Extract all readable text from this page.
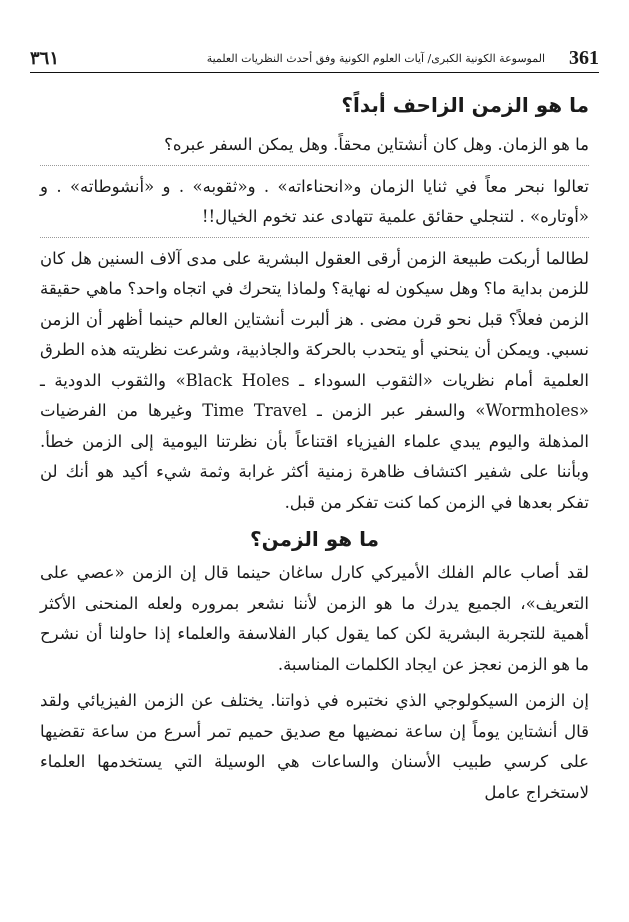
٣٦١	361
الموسوعة الكونية الكبرى/ آيات العلوم الكونية وفق أحدث النظريات العلمية
ما هو الزمن الزاحف أبداً؟
ما هو الزمان. وهل كان أنشتاين محقاً. وهل يمكن السفر عبره؟
تعالوا نبحر معاً في ثنايا الزمان و«انحناءاته» . و«ثقوبه» . و «أنشوطاته» . و «أوتاره» . لتنجلي حقائق علمية تتهادى عند تخوم الخيال!!
لطالما أربكت طبيعة الزمن أرقى العقول البشرية على مدى آلاف السنين هل كان للزمن بداية ما؟ وهل سيكون له نهاية؟ ولماذا يتحرك في اتجاه واحد؟ ماهي حقيقة الزمن فعلاً؟ قبل نحو قرن مضى . هز ألبرت أنشتاين العالم حينما أظهر أن الزمن نسبي. ويمكن أن ينحني أو يتحدب بالحركة والجاذبية، وشرعت نظريته هذه الطرق العلمية أمام نظريات «الثقوب السوداء ـ Black Holes» والثقوب الدودية ـ «Wormholes» والسفر عبر الزمن ـ Time Travel وغيرها من الفرضيات المذهلة واليوم يبدي علماء الفيزياء اقتناعاً بأن نظرتنا اليومية إلى الزمن خطأ. وبأننا على شفير اكتشاف ظاهرة زمنية أكثر غرابة وثمة شيء أكيد هو أنك لن تفكر بعدها في الزمن كما كنت تفكر من قبل.
ما هو الزمن؟
لقد أصاب عالم الفلك الأميركي كارل ساغان حينما قال إن الزمن «عصي على التعريف»، الجميع يدرك ما هو الزمن لأننا نشعر بمروره ولعله المنحنى الأكثر أهمية للتجربة البشرية لكن كما يقول كبار الفلاسفة والعلماء إذا حاولنا أن نشرح ما هو الزمن نعجز عن ايجاد الكلمات المناسبة.
إن الزمن السيكولوجي الذي نختبره في ذواتنا. يختلف عن الزمن الفيزيائي ولقد قال أنشتاين يوماً إن ساعة نمضيها مع صديق حميم تمر أسرع من ساعة تقضيها على كرسي طبيب الأسنان والساعات هي الوسيلة التي يستخدمها العلماء لاستخراج عامل
